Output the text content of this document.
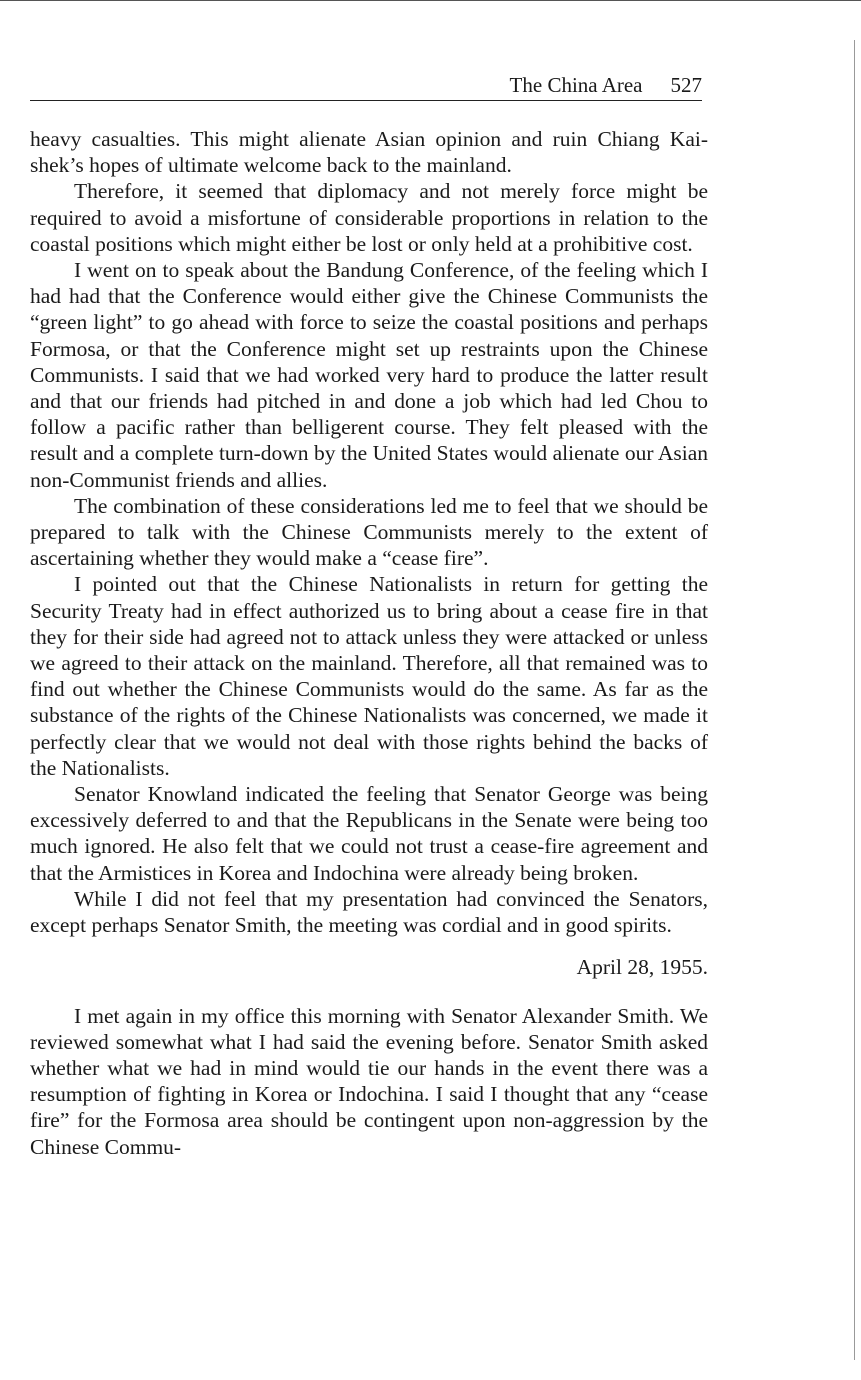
The China Area 527

heavy casualties. This might alienate Asian opinion and ruin Chiang Kai-shek’s hopes of ultimate welcome back to the mainland.

Therefore, it seemed that diplomacy and not merely force might be required to avoid a misfortune of considerable proportions in relation to the coastal positions which might either be lost or only held at a prohibitive cost.

I went on to speak about the Bandung Conference, of the feeling which I had had that the Conference would either give the Chinese Communists the “green light” to go ahead with force to seize the coastal positions and perhaps Formosa, or that the Conference might set up restraints upon the Chinese Communists. I said that we had worked very hard to produce the latter result and that our friends had pitched in and done a job which had led Chou to follow a pacific rather than belligerent course. They felt pleased with the result and a complete turn-down by the United States would alienate our Asian non-Communist friends and allies.

The combination of these considerations led me to feel that we should be prepared to talk with the Chinese Communists merely to the extent of ascertaining whether they would make a “cease fire”.

I pointed out that the Chinese Nationalists in return for getting the Security Treaty had in effect authorized us to bring about a cease fire in that they for their side had agreed not to attack unless they were attacked or unless we agreed to their attack on the mainland. Therefore, all that remained was to find out whether the Chinese Communists would do the same. As far as the substance of the rights of the Chinese Nationalists was concerned, we made it perfectly clear that we would not deal with those rights behind the backs of the Nationalists.

Senator Knowland indicated the feeling that Senator George was being excessively deferred to and that the Republicans in the Senate were being too much ignored. He also felt that we could not trust a cease-fire agreement and that the Armistices in Korea and Indochina were already being broken.

While I did not feel that my presentation had convinced the Senators, except perhaps Senator Smith, the meeting was cordial and in good spirits.

April 28, 1955.

I met again in my office this morning with Senator Alexander Smith. We reviewed somewhat what I had said the evening before. Senator Smith asked whether what we had in mind would tie our hands in the event there was a resumption of fighting in Korea or Indochina. I said I thought that any “cease fire” for the Formosa area should be contingent upon non-aggression by the Chinese Commu-
